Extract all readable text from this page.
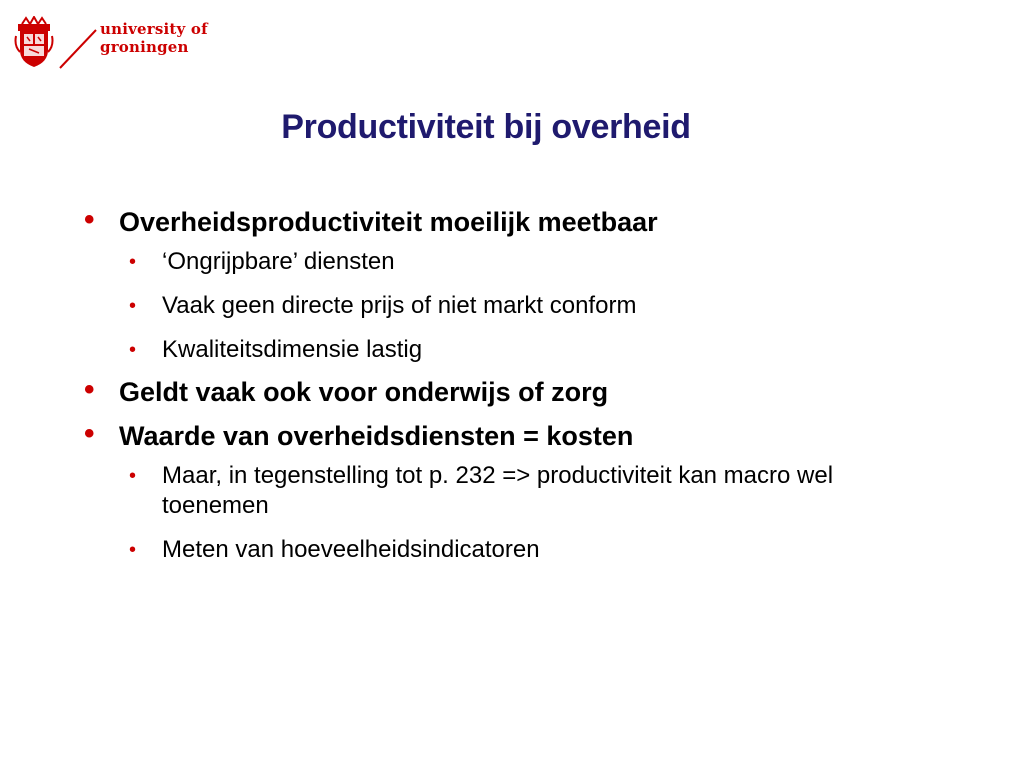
university of
groningen
Productiviteit bij overheid
• Overheidsproductiviteit moeilijk meetbaar
• ‘Ongrijpbare’ diensten
• Vaak geen directe prijs of niet markt conform
• Kwaliteitsdimensie lastig
• Geldt vaak ook voor onderwijs of zorg
• Waarde van overheidsdiensten = kosten
• Maar, in tegenstelling tot p. 232 => productiviteit kan macro wel toenemen
• Meten van hoeveelheidsindicatoren
